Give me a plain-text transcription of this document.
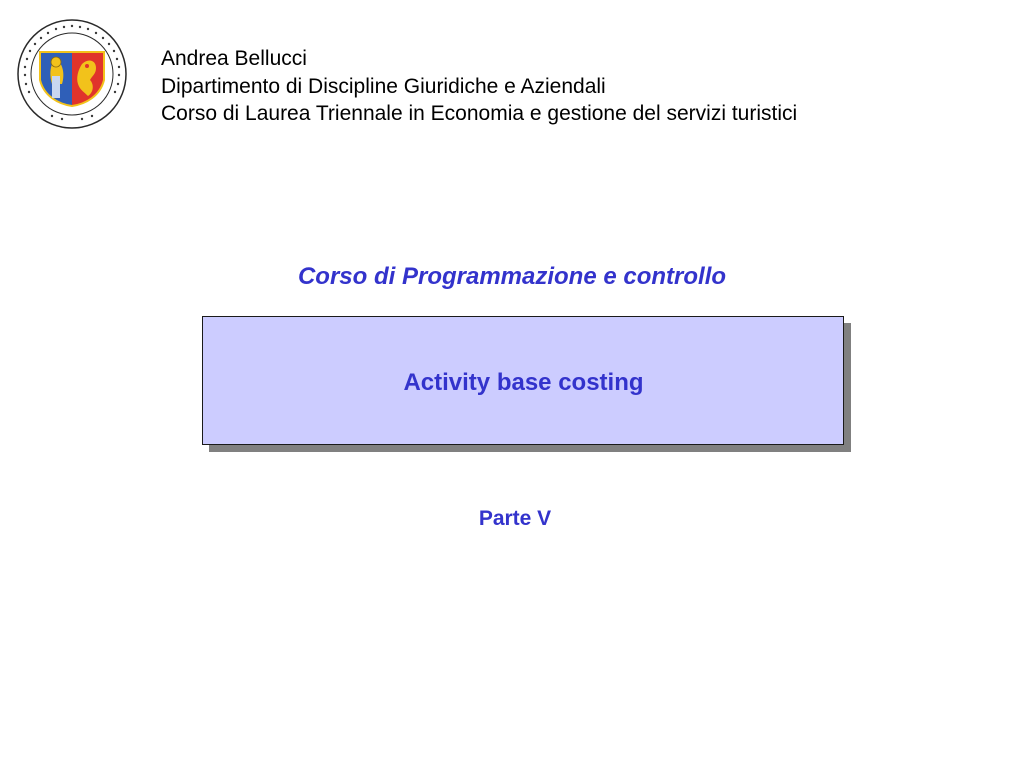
Andrea Bellucci
Dipartimento di Discipline Giuridiche e Aziendali
Corso di Laurea Triennale in Economia e gestione del servizi turistici
Corso di Programmazione e controllo
Activity base costing
Parte V
